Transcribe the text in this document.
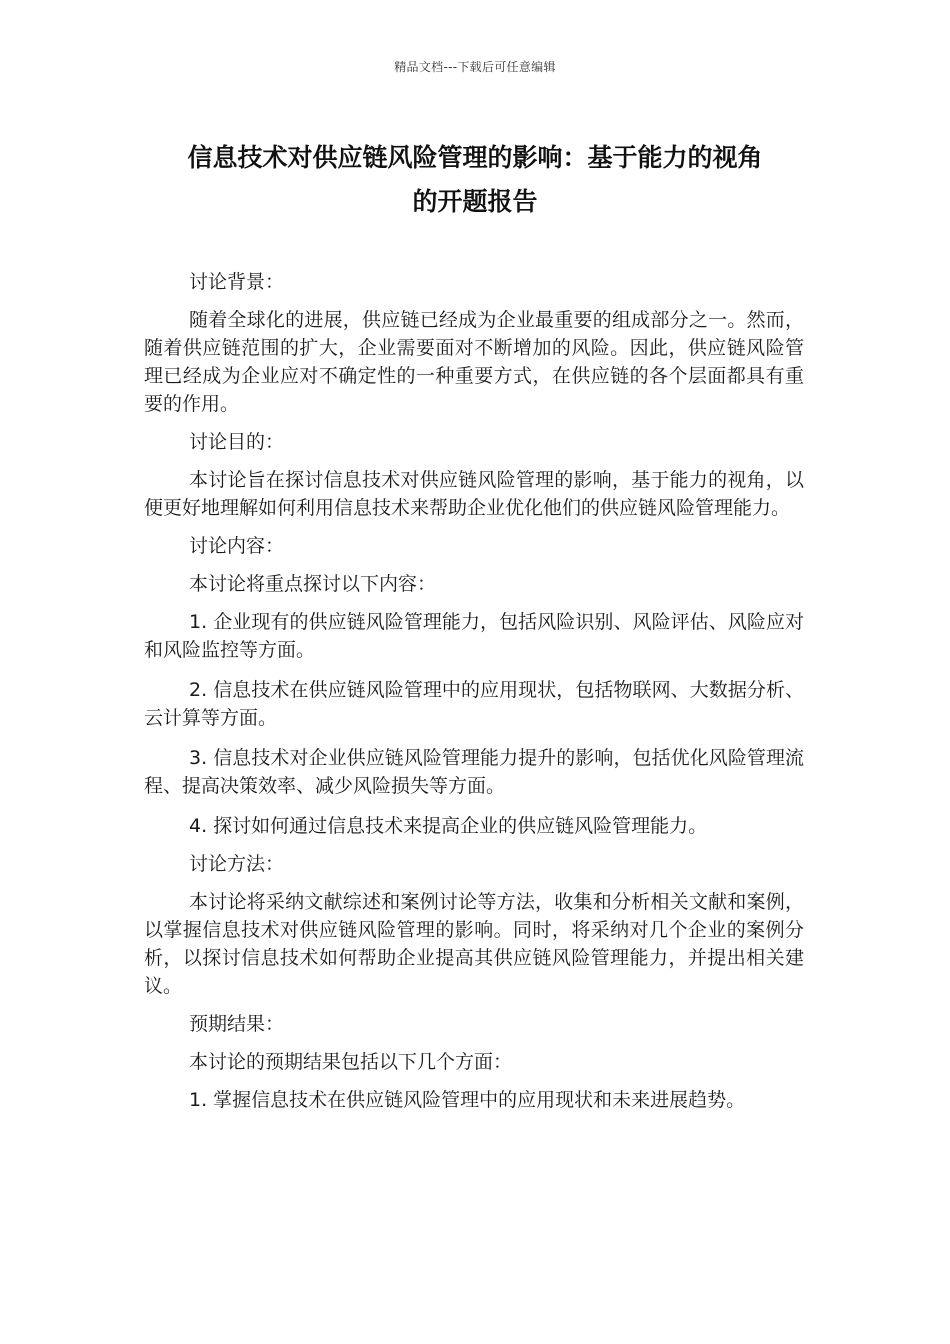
精品文档---下载后可任意编辑
信息技术对供应链风险管理的影响：基于能力的视角
的开题报告

讨论背景：

随着全球化的进展，供应链已经成为企业最重要的组成部分之一。然而，随着供应链范围的扩大，企业需要面对不断增加的风险。因此，供应链风险管理已经成为企业应对不确定性的一种重要方式，在供应链的各个层面都具有重要的作用。

讨论目的：

本讨论旨在探讨信息技术对供应链风险管理的影响，基于能力的视角，以便更好地理解如何利用信息技术来帮助企业优化他们的供应链风险管理能力。

讨论内容：

本讨论将重点探讨以下内容：

1. 企业现有的供应链风险管理能力，包括风险识别、风险评估、风险应对和风险监控等方面。

2. 信息技术在供应链风险管理中的应用现状，包括物联网、大数据分析、云计算等方面。

3. 信息技术对企业供应链风险管理能力提升的影响，包括优化风险管理流程、提高决策效率、减少风险损失等方面。

4. 探讨如何通过信息技术来提高企业的供应链风险管理能力。

讨论方法：

本讨论将采纳文献综述和案例讨论等方法，收集和分析相关文献和案例，以掌握信息技术对供应链风险管理的影响。同时，将采纳对几个企业的案例分析，以探讨信息技术如何帮助企业提高其供应链风险管理能力，并提出相关建议。

预期结果：

本讨论的预期结果包括以下几个方面：

1. 掌握信息技术在供应链风险管理中的应用现状和未来进展趋势。
